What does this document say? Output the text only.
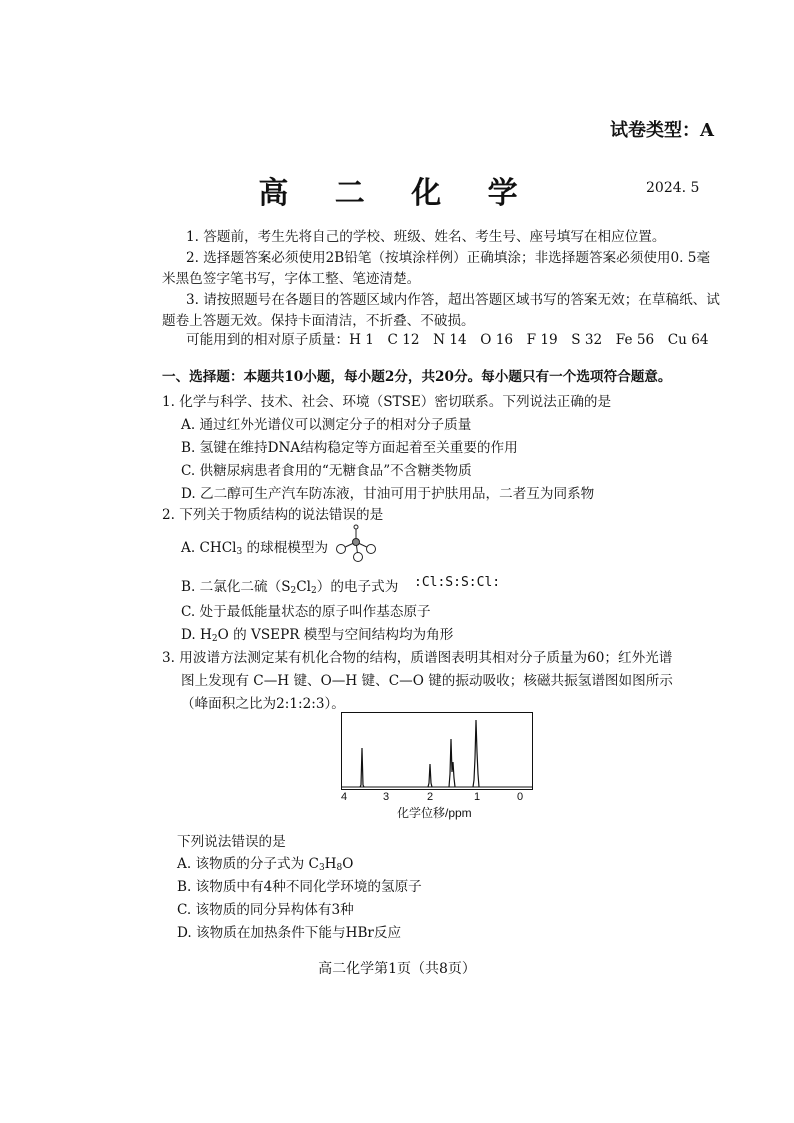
试卷类型：A
高 二 化 学	2024. 5
1. 答题前，考生先将自己的学校、班级、姓名、考生号、座号填写在相应位置。
2. 选择题答案必须使用2B铅笔（按填涂样例）正确填涂；非选择题答案必须使用0. 5毫米黑色签字笔书写，字体工整、笔迹清楚。
3. 请按照题号在各题目的答题区域内作答，超出答题区域书写的答案无效；在草稿纸、试题卷上答题无效。保持卡面清洁，不折叠、不破损。
可能用到的相对原子质量：H 1　C 12　N 14　O 16　F 19　S 32　Fe 56　Cu 64
一、选择题：本题共10小题，每小题2分，共20分。每小题只有一个选项符合题意。
1. 化学与科学、技术、社会、环境（STSE）密切联系。下列说法正确的是
A. 通过红外光谱仪可以测定分子的相对分子质量
B. 氢键在维持DNA结构稳定等方面起着至关重要的作用
C. 供糖尿病患者食用的“无糖食品”不含糖类物质
D. 乙二醇可生产汽车防冻液，甘油可用于护肤用品，二者互为同系物
2. 下列关于物质结构的说法错误的是
A. CHCl$_3$ 的球棍模型为
B. 二氯化二硫$(S_2Cl_2)$的电子式为 :Cl:S:S:Cl:
C. 处于最低能量状态的原子叫作基态原子
D. $H_2O$ 的 VSEPR 模型与空间结构均为角形
3. 用波谱方法测定某有机化合物的结构，质谱图表明其相对分子质量为60；红外光谱
图上发现有 C—H 键、O—H 键、C—O 键的振动吸收；核磁共振氢谱图如图所示
（峰面积之比为2:1:2:3）。
4	3	2	1	0
化学位移/ppm
下列说法错误的是
A. 该物质的分子式为 $C_3H_8O$
B. 该物质中有4种不同化学环境的氢原子
C. 该物质的同分异构体有3种
D. 该物质在加热条件下能与HBr反应
高二化学第1页（共8页）
